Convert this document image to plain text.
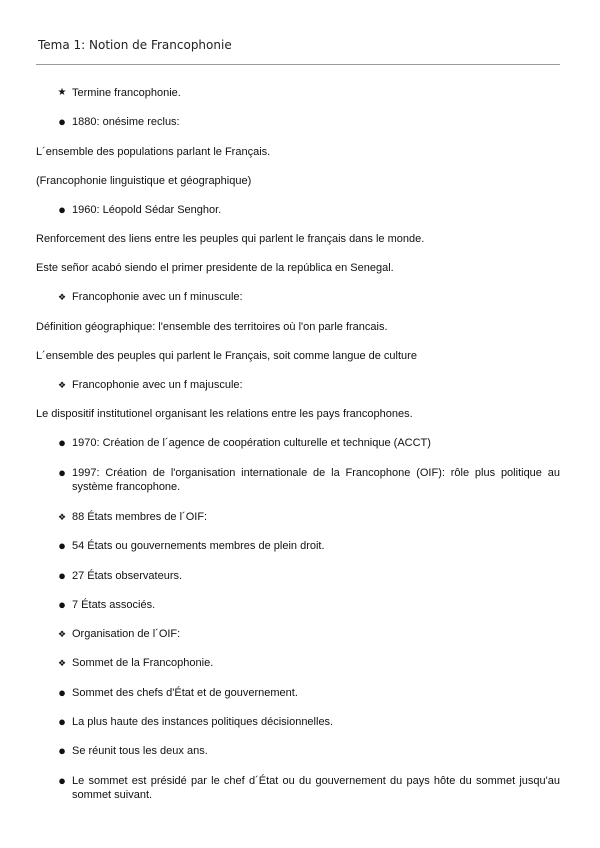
Tema 1: Notion de Francophonie
★ Termine francophonie.
● 1880: onésime reclus:
L´ensemble des populations parlant le Français.
(Francophonie linguistique et géographique)
● 1960: Léopold Sédar Senghor.
Renforcement des liens entre les peuples qui parlent le français dans le monde.
Este señor acabó siendo el primer presidente de la república en Senegal.
❖ Francophonie avec un f minuscule:
Définition géographique: l'ensemble des territoires où l'on parle francais.
L´ensemble des peuples qui parlent le Français, soit comme langue de culture
❖ Francophonie avec un f majuscule:
Le dispositif institutionel organisant les relations entre les pays francophones.
● 1970: Création de l´agence de coopération culturelle et technique (ACCT)
● 1997: Création de l'organisation internationale de la Francophone (OIF): rôle plus politique au système francophone.
❖ 88 États membres de l´OIF:
● 54 États ou gouvernements membres de plein droit.
● 27 États observateurs.
● 7 États associés.
❖ Organisation de l´OIF:
❖ Sommet de la Francophonie.
● Sommet des chefs d'État et de gouvernement.
● La plus haute des instances politiques décisionnelles.
● Se réunit tous les deux ans.
● Le sommet est présidé par le chef d´État ou du gouvernement du pays hôte du sommet jusqu'au sommet suivant.
